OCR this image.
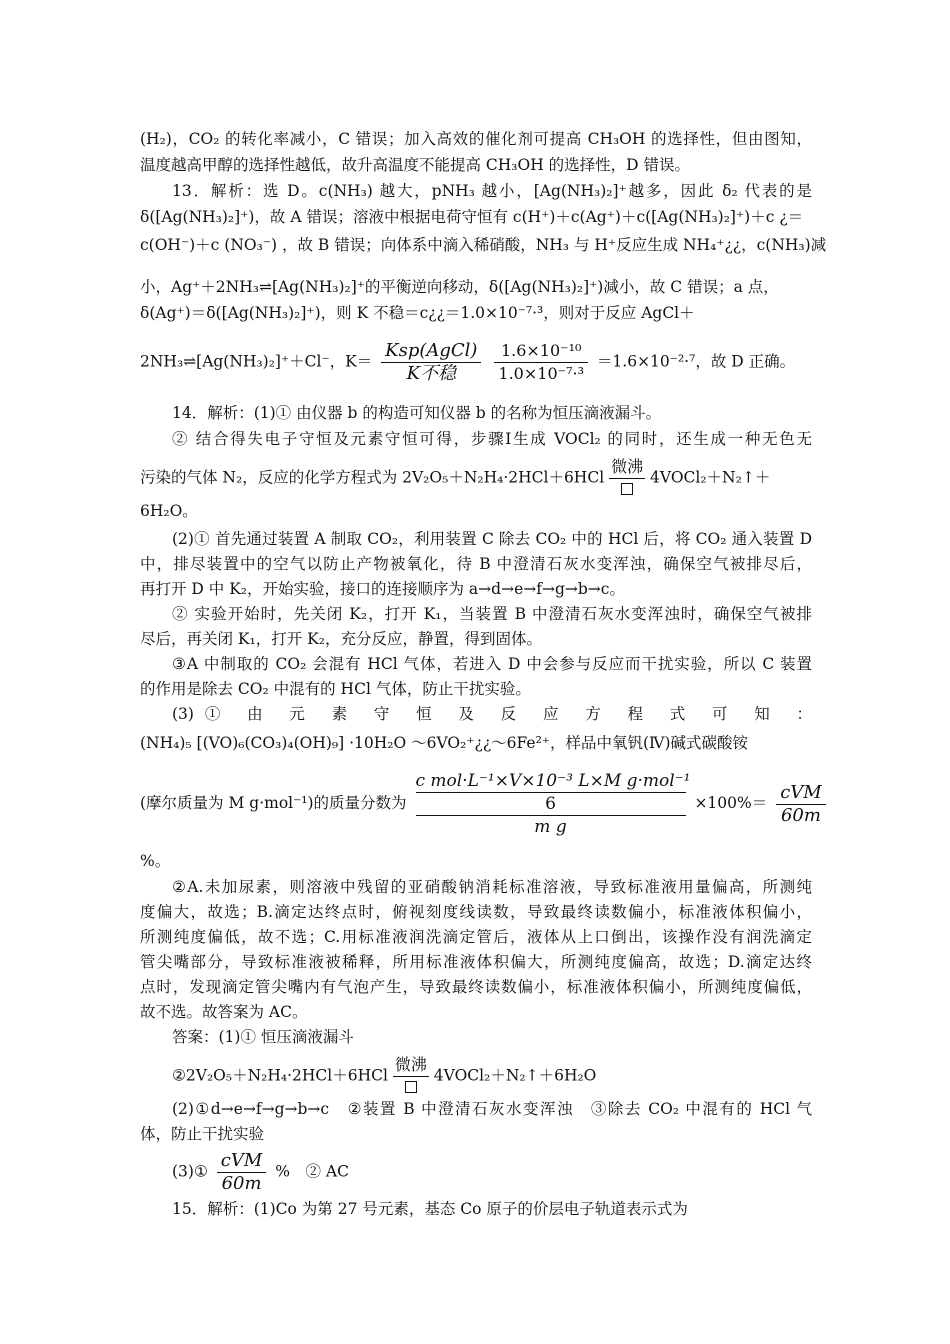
(H₂)，CO₂ 的转化率减小，C 错误；加入高效的催化剂可提高 CH₃OH 的选择性，但由图知，
温度越高甲醇的选择性越低，故升高温度不能提高 CH₃OH 的选择性，D 错误。
13．解析：选 D。c(NH₃) 越大，pNH₃ 越小，[Ag(NH₃)₂]⁺越多，因此 δ₂ 代表的是
δ([Ag(NH₃)₂]⁺)，故 A 错误；溶液中根据电荷守恒有 c(H⁺)＋c(Ag⁺)＋c([Ag(NH₃)₂]⁺)＋c ¿＝
c(OH⁻)＋c (NO₃⁻) ，故 B 错误；向体系中滴入稀硝酸，NH₃ 与 H⁺反应生成 NH₄⁺¿¿，c(NH₃)减
小，Ag⁺＋2NH₃⇌[Ag(NH₃)₂]⁺的平衡逆向移动，δ([Ag(NH₃)₂]⁺)减小，故 C 错误；a 点，
δ(Ag⁺)＝δ([Ag(NH₃)₂]⁺)，则 K 不稳＝c¿¿＝1.0×10⁻⁷·³，则对于反应 AgCl＋
2NH₃⇌[Ag(NH₃)₂]⁺＋Cl⁻，$K= \frac{\text{Ksp(AgCl)}}{\text{K不稳}}$
$\frac{\text{1.6×10⁻¹⁰}}{\text{1.0×10⁻⁷·³}} =1.6\times 10^{-2}\cdot^7$，故 D 正确。
14．解析：(1)① 由仪器 b 的构造可知仪器 b 的名称为恒压滴液漏斗。
② 结合得失电子守恒及元素守恒可得，步骤Ⅰ生成 VOCl₂ 的同时，还生成一种无色无
污染的气体 N₂，反应的化学方程式为 2V₂O₅＋N₂H₄·2HCl＋6HCl
微沸
4VOCl₂＋N₂↑＋
6H₂O。
(2)① 首先通过装置 A 制取 CO₂，利用装置 C 除去 CO₂ 中的 HCl 后，将 CO₂ 通入装置 D
中，排尽装置中的空气以防止产物被氧化，待 B 中澄清石灰水变浑浊，确保空气被排尽后，
再打开 D 中 K₂，开始实验，接口的连接顺序为 a→d→e→f→g→b→c。
② 实验开始时，先关闭 K₂，打开 K₁，当装置 B 中澄清石灰水变浑浊时，确保空气被排
尽后，再关闭 K₁，打开 K₂，充分反应，静置，得到固体。
③A 中制取的 CO₂ 会混有 HCl 气体，若进入 D 中会参与反应而干扰实验，所以 C 装置
的作用是除去 CO₂ 中混有的 HCl 气体，防止干扰实验。
(3)① 由 元 素 守 恒 及 反 应 方 程 式 可 知 ：
(NH₄)₅ [(VO)₆(CO₃)₄(OH)₉] ·10H₂O ～6VO₂⁺¿¿～6Fe²⁺，样品中氧钒(Ⅳ)碱式碳酸铵
(摩尔质量为 M g·mol⁻¹)的质量分数为
c mol·L⁻¹×V×10⁻³ L×M g·mol⁻¹
6
m g
$\times 100\%= \frac{\text{cVM}}{60m}$
%。
②A.未加尿素，则溶液中残留的亚硝酸钠消耗标准溶液，导致标准液用量偏高，所测纯
度偏大，故选；B.滴定达终点时，俯视刻度线读数，导致最终读数偏小，标准液体积偏小，
所测纯度偏低，故不选；C.用标准液润洗滴定管后，液体从上口倒出，该操作没有润洗滴定
管尖嘴部分，导致标准液被稀释，所用标准液体积偏大，所测纯度偏高，故选；D.滴定达终
点时，发现滴定管尖嘴内有气泡产生，导致最终读数偏小，标准液体积偏小，所测纯度偏低，
故不选。故答案为 AC。
答案：(1)① 恒压滴液漏斗
②2V₂O₅＋N₂H₄·2HCl＋6HCl
微沸
4VOCl₂＋N₂↑＋6H₂O
(2)①d→e→f→g→b→c　②装置 B 中澄清石灰水变浑浊　③除去 CO₂ 中混有的 HCl 气
体，防止干扰实验
(3)① $\frac{\text{cVM}}{60m}$ %　② AC
15．解析：(1)Co 为第 27 号元素，基态 Co 原子的价层电子轨道表示式为
